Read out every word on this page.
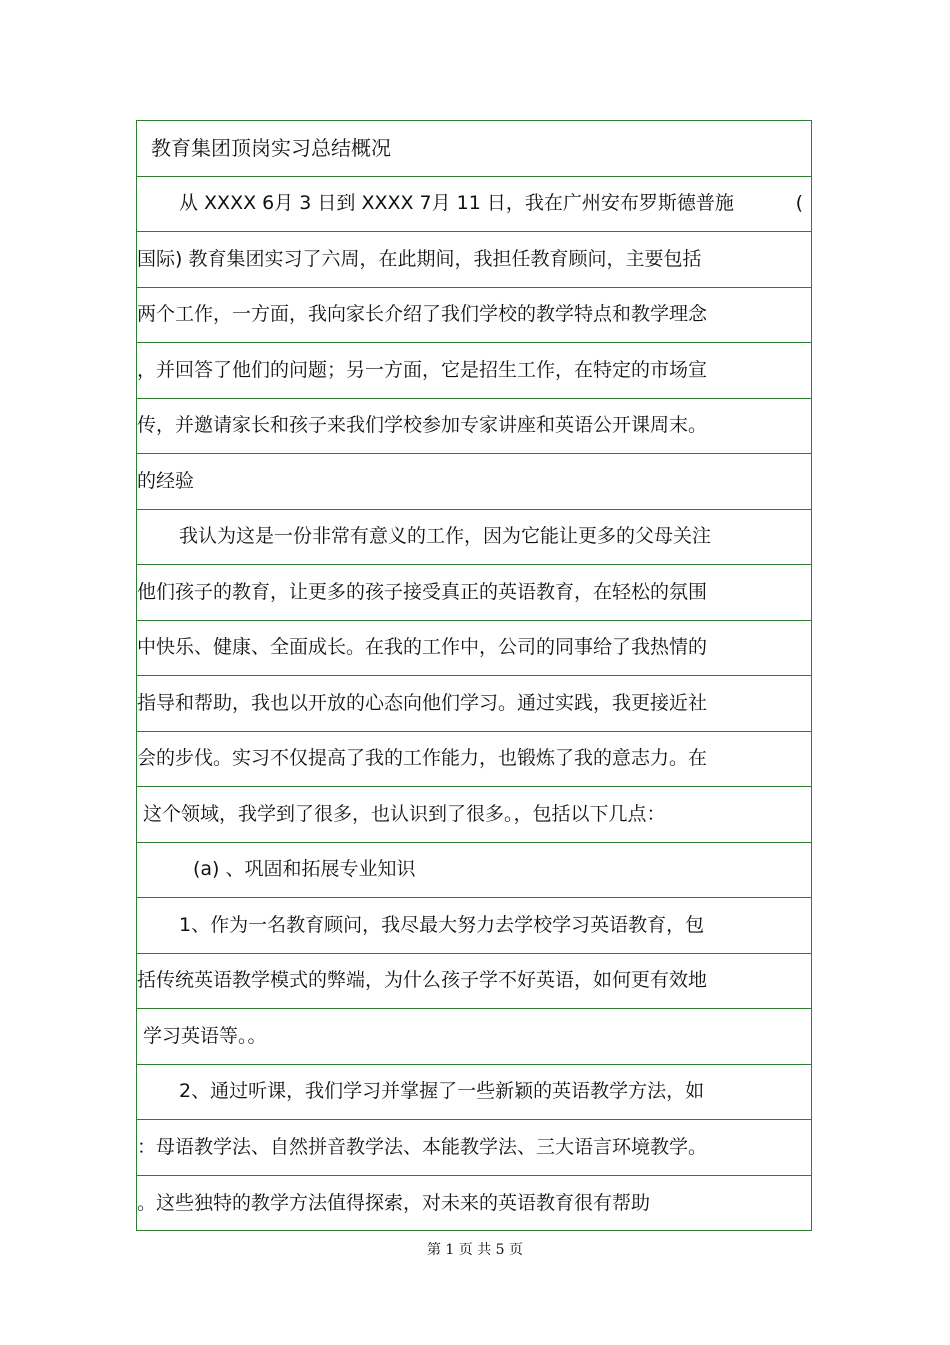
教育集团顶岗实习总结概况
从 XXXX 6月 3 日到 XXXX 7月 11 日，我在广州安布罗斯德普施	(
国际) 教育集团实习了六周，在此期间，我担任教育顾问，主要包括
两个工作，一方面，我向家长介绍了我们学校的教学特点和教学理念
，并回答了他们的问题；另一方面，它是招生工作，在特定的市场宣
传，并邀请家长和孩子来我们学校参加专家讲座和英语公开课周末。
的经验
我认为这是一份非常有意义的工作，因为它能让更多的父母关注
他们孩子的教育，让更多的孩子接受真正的英语教育，在轻松的氛围
中快乐、健康、全面成长。在我的工作中，公司的同事给了我热情的
指导和帮助，我也以开放的心态向他们学习。通过实践，我更接近社
会的步伐。实习不仅提高了我的工作能力，也锻炼了我的意志力。在
这个领域，我学到了很多，也认识到了很多。，包括以下几点：
(a) 、巩固和拓展专业知识
1、作为一名教育顾问，我尽最大努力去学校学习英语教育，包
括传统英语教学模式的弊端，为什么孩子学不好英语，如何更有效地
学习英语等。。
2、通过听课，我们学习并掌握了一些新颖的英语教学方法，如
：母语教学法、自然拼音教学法、本能教学法、三大语言环境教学。
。这些独特的教学方法值得探索，对未来的英语教育很有帮助
第 1 页 共 5 页
